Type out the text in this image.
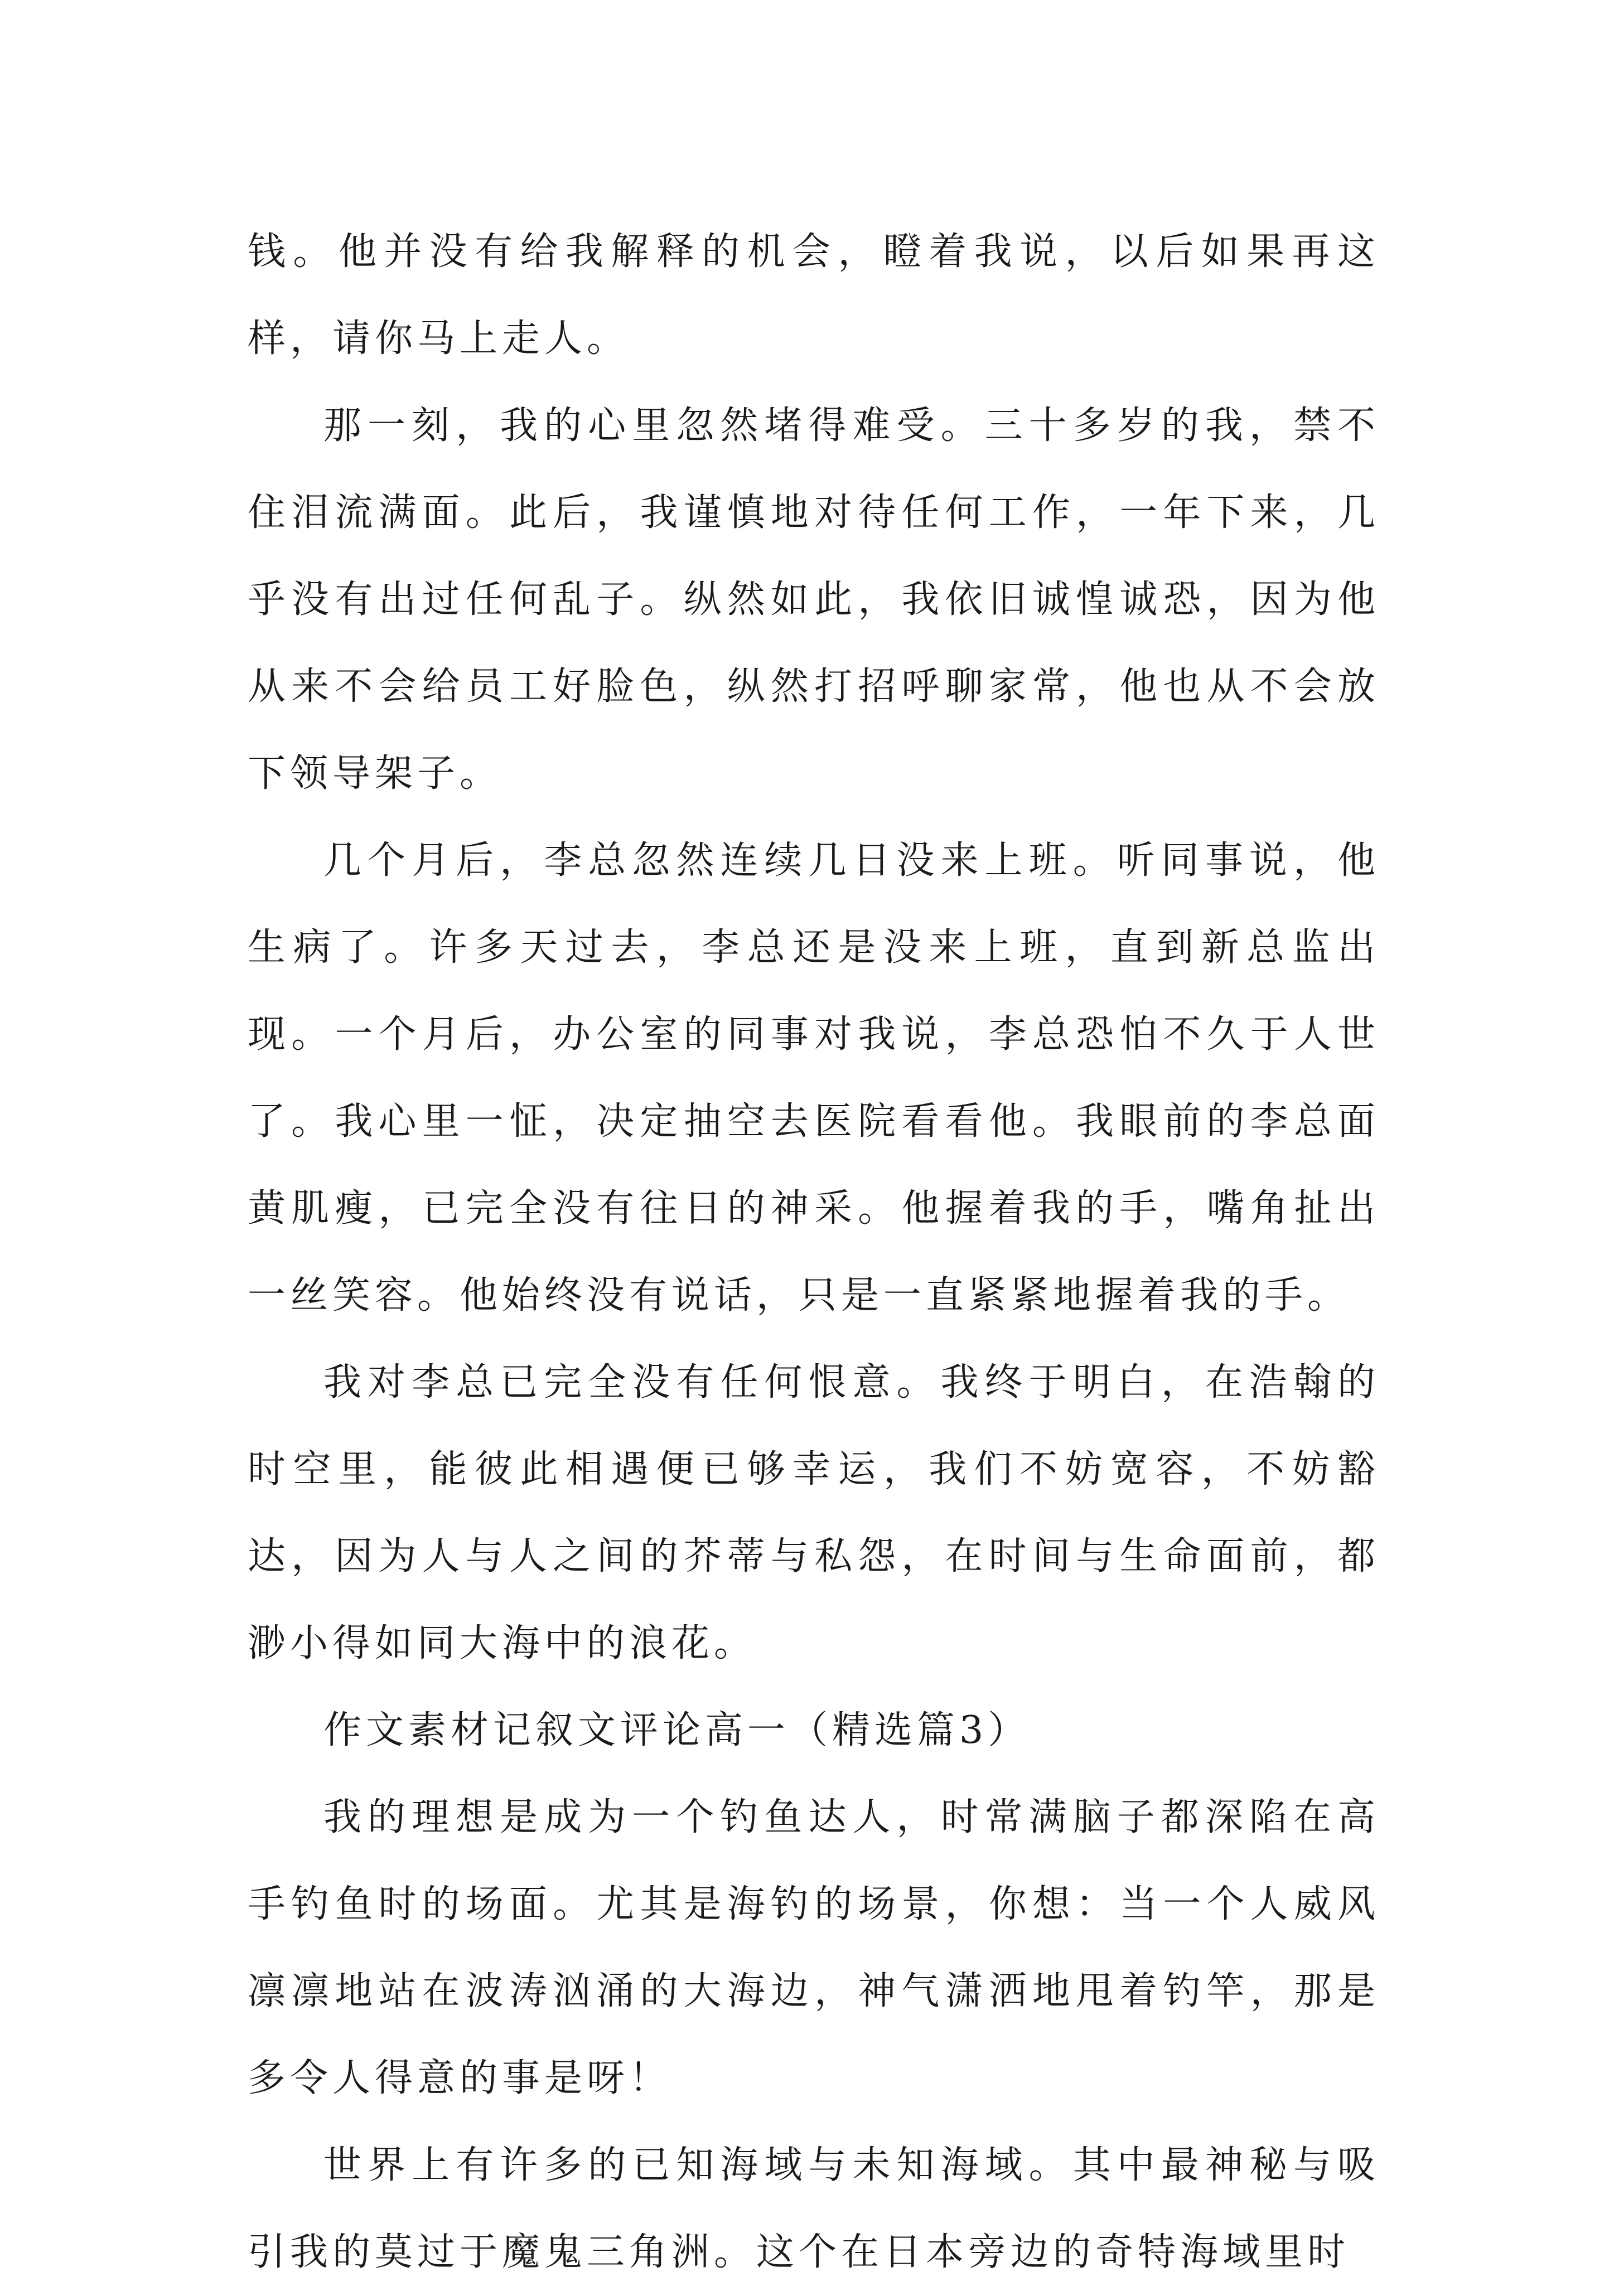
钱。他并没有给我解释的机会，瞪着我说，以后如果再这样，请你马上走人。

那一刻，我的心里忽然堵得难受。三十多岁的我，禁不住泪流满面。此后，我谨慎地对待任何工作，一年下来，几乎没有出过任何乱子。纵然如此，我依旧诚惶诚恐，因为他从来不会给员工好脸色，纵然打招呼聊家常，他也从不会放下领导架子。

几个月后，李总忽然连续几日没来上班。听同事说，他生病了。许多天过去，李总还是没来上班，直到新总监出现。一个月后，办公室的同事对我说，李总恐怕不久于人世了。我心里一怔，决定抽空去医院看看他。我眼前的李总面黄肌瘦，已完全没有往日的神采。他握着我的手，嘴角扯出一丝笑容。他始终没有说话，只是一直紧紧地握着我的手。

我对李总已完全没有任何恨意。我终于明白，在浩翰的时空里，能彼此相遇便已够幸运，我们不妨宽容，不妨豁达，因为人与人之间的芥蒂与私怨，在时间与生命面前，都渺小得如同大海中的浪花。

作文素材记叙文评论高一（精选篇3）

我的理想是成为一个钓鱼达人，时常满脑子都深陷在高手钓鱼时的场面。尤其是海钓的场景，你想：当一个人威风凛凛地站在波涛汹涌的大海边，神气潇洒地甩着钓竿，那是多令人得意的事是呀！

世界上有许多的已知海域与未知海域。其中最神秘与吸引我的莫过于魔鬼三角洲。这个在日本旁边的奇特海域里时
